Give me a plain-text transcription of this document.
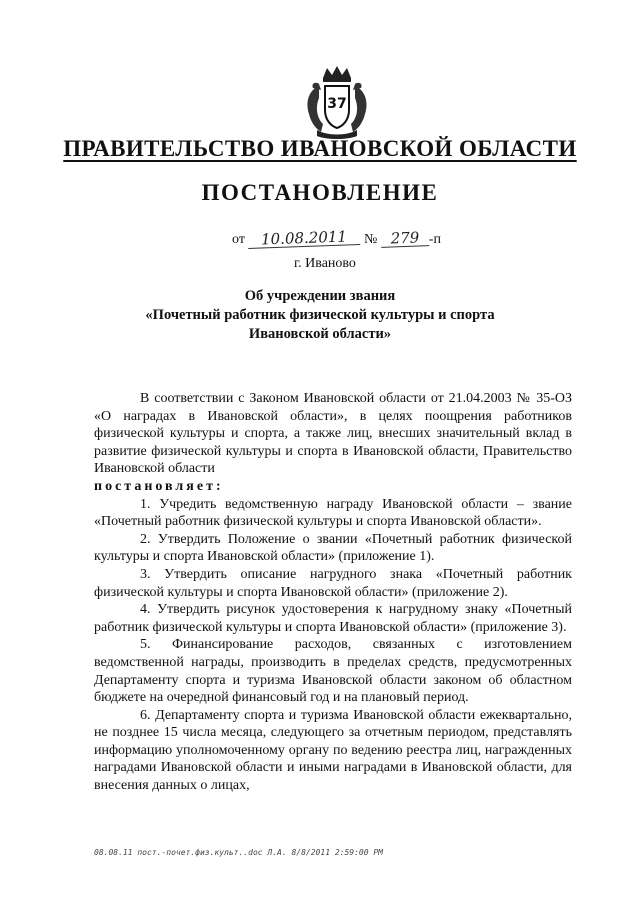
37
ПРАВИТЕЛЬСТВО ИВАНОВСКОЙ ОБЛАСТИ
ПОСТАНОВЛЕНИЕ
от 10.08.2011 № 279 -п
г. Иваново
Об учреждении звания
«Почетный работник физической культуры и спорта
Ивановской области»

В соответствии с Законом Ивановской области от 21.04.2003 № 35-ОЗ «О наградах в Ивановской области», в целях поощрения работников физической культуры и спорта, а также лиц, внесших значительный вклад в развитие физической культуры и спорта в Ивановской области, Правительство Ивановской области
постановляет:

1. Учредить ведомственную награду Ивановской области – звание «Почетный работник физической культуры и спорта Ивановской области».

2. Утвердить Положение о звании «Почетный работник физической культуры и спорта Ивановской области» (приложение 1).

3. Утвердить описание нагрудного знака «Почетный работник физической культуры и спорта Ивановской области» (приложение 2).

4. Утвердить рисунок удостоверения к нагрудному знаку «Почетный работник физической культуры и спорта Ивановской области» (приложение 3).

5. Финансирование расходов, связанных с изготовлением ведомственной награды, производить в пределах средств, предусмотренных Департаменту спорта и туризма Ивановской области законом об областном бюджете на очередной финансовый год и на плановый период.

6. Департаменту спорта и туризма Ивановской области ежеквартально, не позднее 15 числа месяца, следующего за отчетным периодом, представлять информацию уполномоченному органу по ведению реестра лиц, награжденных наградами Ивановской области и иными наградами в Ивановской области, для внесения данных о лицах,

08.08.11 пост.-почет.физ.культ..doc Л.А. 8/8/2011 2:59:00 PM
